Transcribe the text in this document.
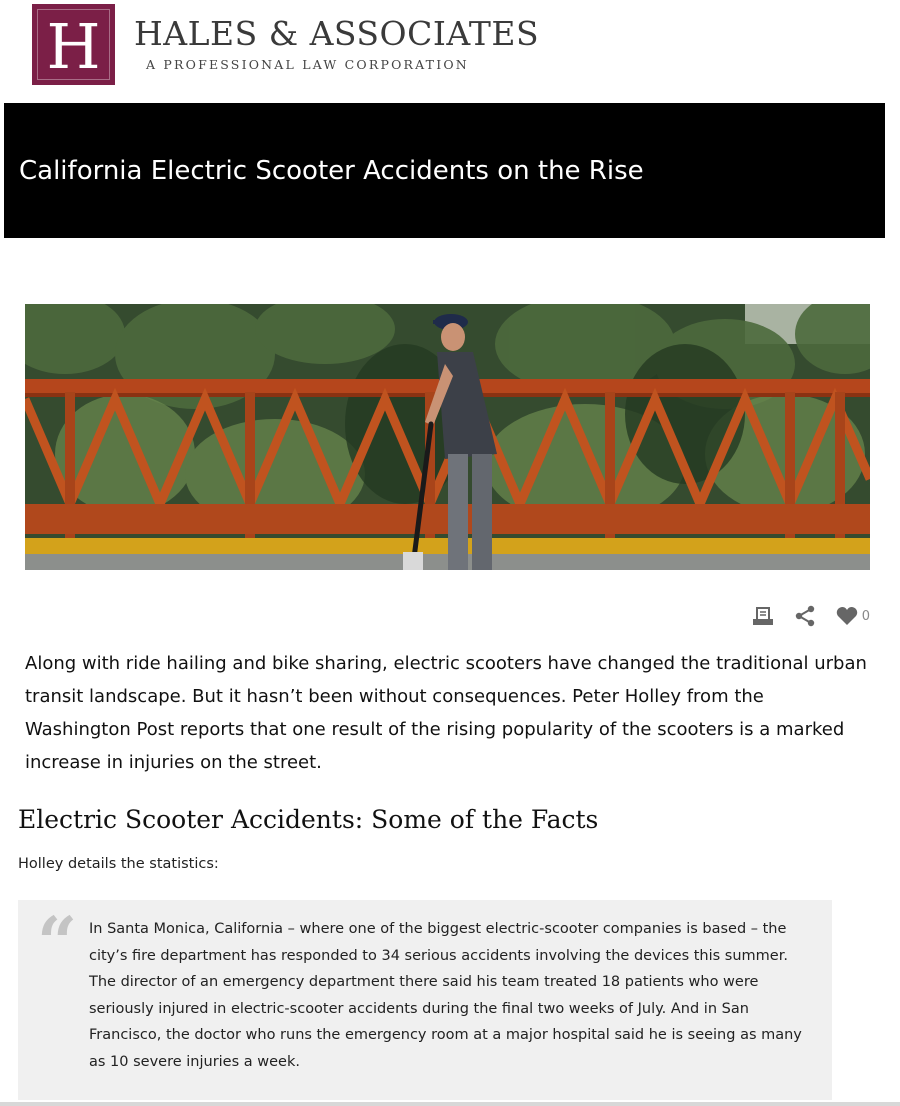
H HALES & ASSOCIATES
A PROFESSIONAL LAW CORPORATION
California Electric Scooter Accidents on the Rise
0

Along with ride hailing and bike sharing, electric scooters have changed the traditional urban transit landscape. But it hasn’t been without consequences. Peter Holley from the Washington Post reports that one result of the rising popularity of the scooters is a marked increase in injuries on the street.

Electric Scooter Accidents: Some of the Facts

Holley details the statistics:

“ In Santa Monica, California – where one of the biggest electric-scooter companies is based – the city’s fire department has responded to 34 serious accidents involving the devices this summer. The director of an emergency department there said his team treated 18 patients who were seriously injured in electric-scooter accidents during the final two weeks of July. And in San Francisco, the doctor who runs the emergency room at a major hospital said he is seeing as many as 10 severe injuries a week.
